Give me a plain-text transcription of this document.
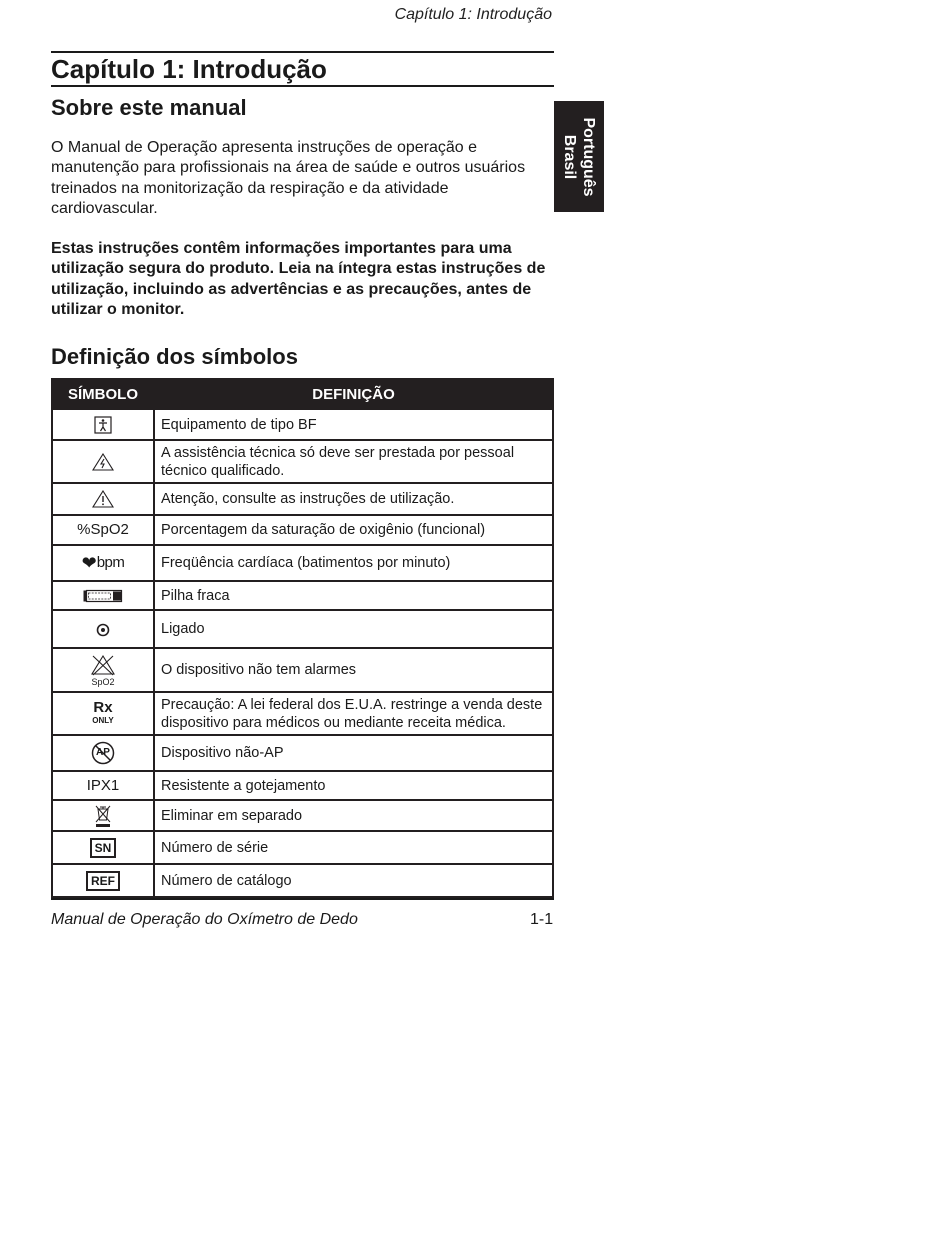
Capítulo 1: Introdução
Português
Brasil
Capítulo 1: Introdução
Sobre este manual

O Manual de Operação apresenta instruções de operação e manutenção para profissionais na área de saúde e outros usuários treinados na monitorização da respiração e da atividade cardiovascular.

Estas instruções contêm informações importantes para uma utilização segura do produto. Leia na íntegra estas instruções de utilização, incluindo as advertências e as precauções, antes de utilizar o monitor.

Definição dos símbolos
SÍMBOLO	DEFINIÇÃO
	Equipamento de tipo BF
	A assistência técnica só deve ser prestada por pessoal técnico qualificado.
	Atenção, consulte as instruções de utilização.
%SpO2	Porcentagem da saturação de oxigênio (funcional)
❤bpm	Freqüência cardíaca (batimentos por minuto)
	Pilha fraca
	Ligado

SpO2	O dispositivo não tem alarmes

Rx
ONLY	Precaução: A lei federal dos E.U.A. restringe a venda deste dispositivo para médicos ou mediante receita médica.

AP	Dispositivo não-AP
IPX1	Resistente a gotejamento
	Eliminar em separado
SN	Número de série
REF	Número de catálogo
Manual de Operação do Oxímetro de Dedo	1-1
